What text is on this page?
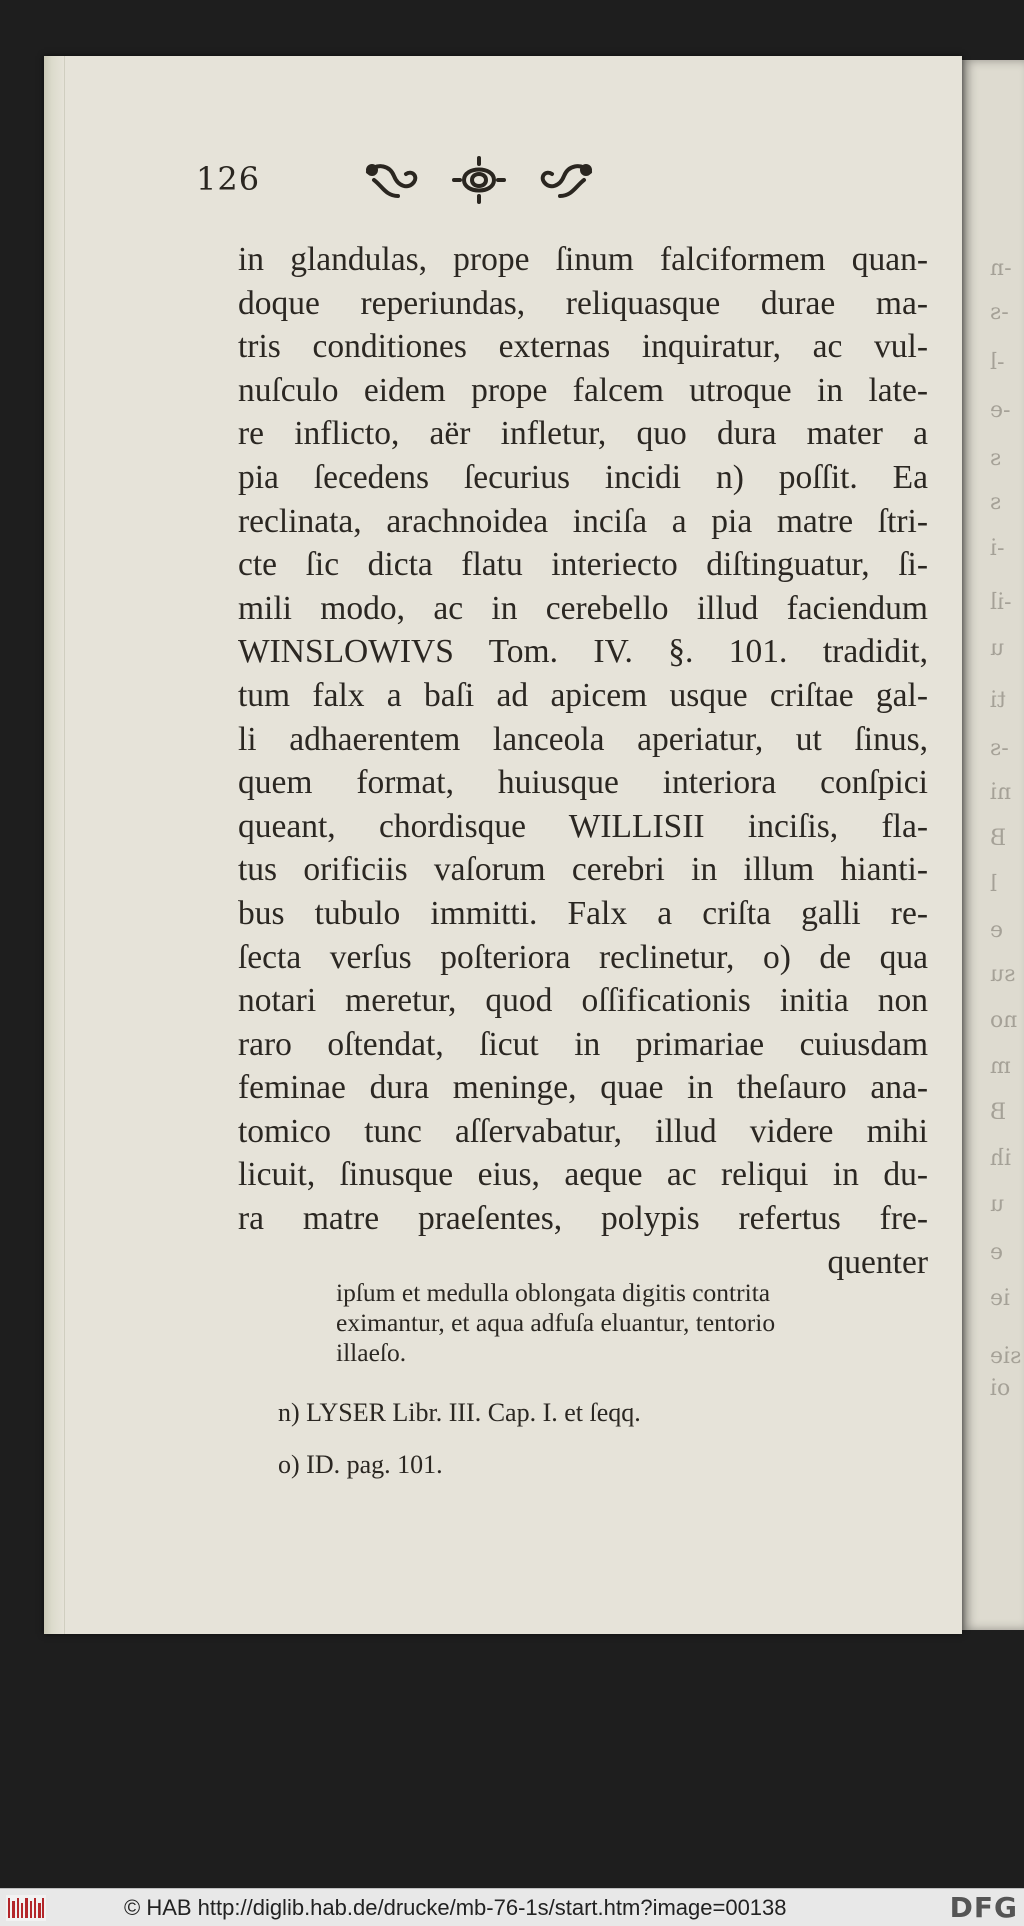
-n
-s
-l
-e
s
s
-i
-il
u
ti
-s
ni
B
l
e
su
no
m
B
ih
u
e
ie
sie
oi
126
in glandulas, prope ſinum falciformem quan-
doque reperiundas, reliquasque durae ma-
tris conditiones externas inquiratur, ac vul-
nuſculo eidem prope falcem utroque in late-
re inflicto, aër infletur, quo dura mater a
pia ſecedens ſecurius incidi n) poſſit. Ea
reclinata, arachnoidea inciſa a pia matre ſtri-
cte ſic dicta flatu interiecto diſtinguatur, ſi-
mili modo, ac in cerebello illud faciendum
WINSLOWIVS Tom. IV. §. 101. tradidit,
tum falx a baſi ad apicem usque criſtae gal-
li adhaerentem lanceola aperiatur, ut ſinus,
quem format, huiusque interiora conſpici
queant, chordisque WILLISII inciſis, fla-
tus orificiis vaſorum cerebri in illum hianti-
bus tubulo immitti. Falx a criſta galli re-
ſecta verſus poſteriora reclinetur, o) de qua
notari meretur, quod oſſificationis initia non
raro oſtendat, ſicut in primariae cuiusdam
feminae dura meninge, quae in theſauro ana-
tomico tunc aſſervabatur, illud videre mihi
licuit, ſinusque eius, aeque ac reliqui in du-
ra matre praeſentes, polypis refertus fre-
quenter
ipſum et medulla oblongata digitis contrita
eximantur, et aqua adfuſa eluantur, tentorio
illaeſo.
n) LYSER Libr. III. Cap. I. et ſeqq.
o) ID. pag. 101.
© HAB http://diglib.hab.de/drucke/mb-76-1s/start.htm?image=00138	DFG
